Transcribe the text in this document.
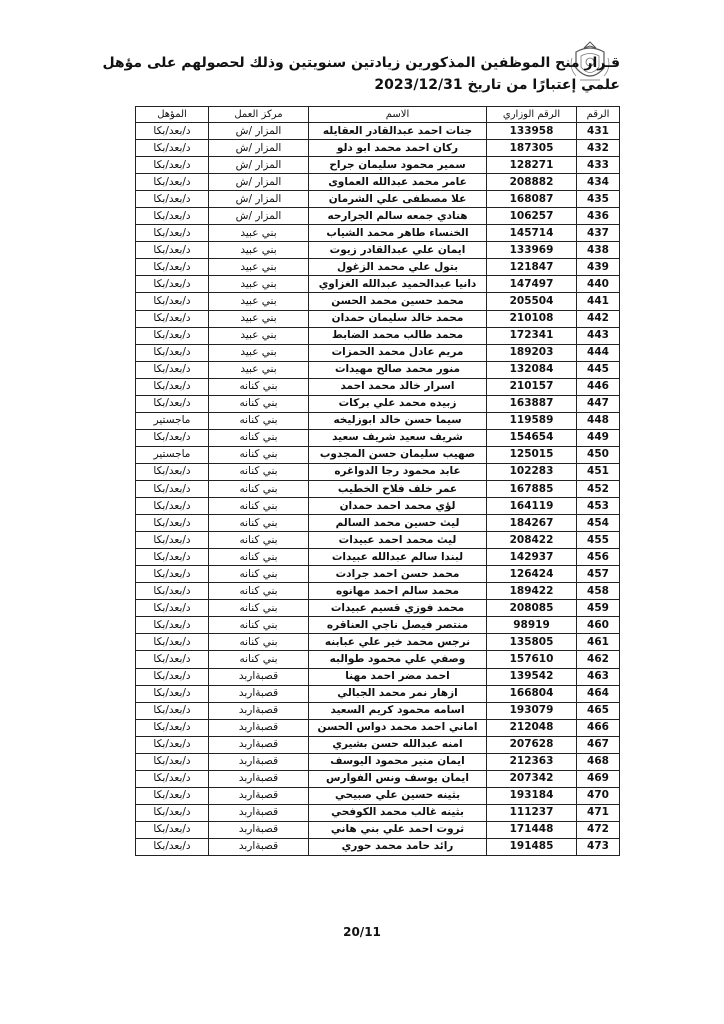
قـرار منح الموظفين المذكورين زيادتين سنويتين وذلك لحصولهم على مؤهل
علمي إعتبارًا من تاريخ 2023/12/31
الرقم	الرقم الوزاري	الاسم	مركز العمل	المؤهل
431	133958	جنات احمد عبدالقادر العقايله	المزار /ش	د/بعد/بكا
432	187305	ركان احمد محمد ابو دلو	المزار /ش	د/بعد/بكا
433	128271	سمير محمود سليمان جراح	المزار /ش	د/بعد/بكا
434	208882	عامر محمد عبدالله العماوى	المزار /ش	د/بعد/بكا
435	168087	علا مصطفى علي الشرمان	المزار /ش	د/بعد/بكا
436	106257	هنادي جمعه سالم الجرارحه	المزار /ش	د/بعد/بكا
437	145714	الخنساء طاهر محمد الشياب	بني عبيد	د/بعد/بكا
438	133969	ايمان علي عبدالقادر زيوت	بني عبيد	د/بعد/بكا
439	121847	بتول علي محمد الزغول	بني عبيد	د/بعد/بكا
440	147497	دانيا عبدالحميد عبدالله الغزاوي	بني عبيد	د/بعد/بكا
441	205504	محمد حسين محمد الحسن	بني عبيد	د/بعد/بكا
442	210108	محمد خالد سليمان حمدان	بني عبيد	د/بعد/بكا
443	172341	محمد طالب محمد الضابط	بني عبيد	د/بعد/بكا
444	189203	مريم عادل محمد الحمزات	بني عبيد	د/بعد/بكا
445	132084	منور محمد صالح مهيدات	بني عبيد	د/بعد/بكا
446	210157	اسرار خالد محمد احمد	بني كنانه	د/بعد/بكا
447	163887	زبيده محمد علي بركات	بني كنانه	د/بعد/بكا
448	119589	سيما حسن خالد ابوزليخه	بني كنانه	ماجستير
449	154654	شريف سعيد شريف سعيد	بني كنانه	د/بعد/بكا
450	125015	صهيب سليمان حسن المجدوب	بني كنانه	ماجستير
451	102283	عابد محمود رجا الدواغره	بني كنانه	د/بعد/بكا
452	167885	عمر خلف فلاح الخطيب	بني كنانه	د/بعد/بكا
453	164119	لؤي محمد احمد حمدان	بني كنانه	د/بعد/بكا
454	184267	ليث حسين محمد السالم	بني كنانه	د/بعد/بكا
455	208422	ليث محمد احمد عبيدات	بني كنانه	د/بعد/بكا
456	142937	لبندا سالم عبدالله عبيدات	بني كنانه	د/بعد/بكا
457	126424	محمد حسن احمد جرادت	بني كنانه	د/بعد/بكا
458	189422	محمد سالم احمد مهانوه	بني كنانه	د/بعد/بكا
459	208085	محمد فوزي قسيم عبيدات	بني كنانه	د/بعد/بكا
460	98919	منتصر فيصل ناجي العناقره	بني كنانه	د/بعد/بكا
461	135805	نرجس محمد خير علي عبابنه	بني كنانه	د/بعد/بكا
462	157610	وصفي علي محمود طوالبه	بني كنانه	د/بعد/بكا
463	139542	احمد مضر احمد مهنا	قصبةاربد	د/بعد/بكا
464	166804	ازهار نمر محمد الجبالي	قصبةاربد	د/بعد/بكا
465	193079	اسامه محمود كريم السعيد	قصبةاربد	د/بعد/بكا
466	212048	اماني احمد محمد دواس الحسن	قصبةاربد	د/بعد/بكا
467	207628	امنه عبدالله حسن بشيري	قصبةاربد	د/بعد/بكا
468	212363	ايمان منير محمود اليوسف	قصبةاربد	د/بعد/بكا
469	207342	ايمان يوسف ونس الفوارس	قصبةاربد	د/بعد/بكا
470	193184	بثينه حسين علي صبيحي	قصبةاربد	د/بعد/بكا
471	111237	بثينه غالب محمد الكوفحي	قصبةاربد	د/بعد/بكا
472	171448	ثروت احمد علي بني هاني	قصبةاربد	د/بعد/بكا
473	191485	رائد حامد محمد حوري	قصبةاربد	د/بعد/بكا
20/11
